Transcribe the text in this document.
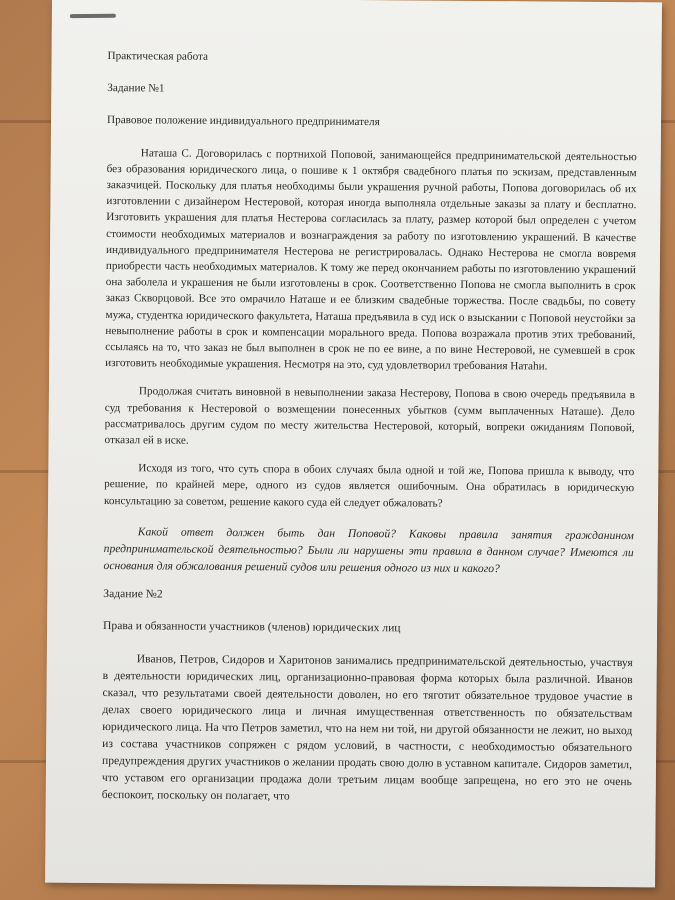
Практическая работа
Задание №1
Правовое положение индивидуального предпринимателя

Наташа С. Договорилась с портнихой Поповой, занимающейся предпринимательской деятельностью без образования юридического лица, о пошиве к 1 октября свадебного платья по эскизам, представленным заказчицей. Поскольку для платья необходимы были украшения ручной работы, Попова договорилась об их изготовлении с дизайнером Нестеровой, которая иногда выполняла отдельные заказы за плату и бесплатно. Изготовить украшения для платья Нестерова согласилась за плату, размер которой был определен с учетом стоимости необходимых материалов и вознаграждения за работу по изготовлению украшений. В качестве индивидуального предпринимателя Нестерова не регистрировалась. Однако Нестерова не смогла вовремя приобрести часть необходимых материалов. К тому же перед окончанием работы по изготовлению украшений она заболела и украшения не были изготовлены в срок. Соответственно Попова не смогла выполнить в срок заказ Скворцовой. Все это омрачило Наташе и ее близким свадебные торжества. После свадьбы, по совету мужа, студентка юридического факультета, Наташа предъявила в суд иск о взыскании с Поповой неустойки за невыполнение работы в срок и компенсации морального вреда. Попова возражала против этих требований, ссылаясь на то, что заказ не был выполнен в срок не по ее вине, а по вине Нестеровой, не сумевшей в срок изготовить необходимые украшения. Несмотря на это, суд удовлетворил требования Натаhи.

Продолжая считать виновной в невыполнении заказа Нестерову, Попова в свою очередь предъявила в суд требования к Нестеровой о возмещении понесенных убытков (сумм выплаченных Наташе). Дело рассматривалось другим судом по месту жительства Нестеровой, который, вопреки ожиданиям Поповой, отказал ей в иске.

Исходя из того, что суть спора в обоих случаях была одной и той же, Попова пришла к выводу, что решение, по крайней мере, одного из судов является ошибочным. Она обратилась в юридическую консультацию за советом, решение какого суда ей следует обжаловать?

Какой ответ должен быть дан Поповой? Каковы правила занятия гражданином предпринимательской деятельностью? Были ли нарушены эти правила в данном случае? Имеются ли основания для обжалования решений судов или решения одного из них и какого?

Задание №2
Права и обязанности участников (членов) юридических лиц

Иванов, Петров, Сидоров и Харитонов занимались предпринимательской деятельностью, участвуя в деятельности юридических лиц, организационно-правовая форма которых была различной. Иванов сказал, что результатами своей деятельности доволен, но его тяготит обязательное трудовое участие в делах своего юридического лица и личная имущественная ответственность по обязательствам юридического лица. На что Петров заметил, что на нем ни той, ни другой обязанности не лежит, но выход из состава участников сопряжен с рядом условий, в частности, с необходимостью обязательного предупреждения других участников о желании продать свою долю в уставном капитале. Сидоров заметил, что уставом его организации продажа доли третьим лицам вообще запрещена, но его это не очень беспокоит, поскольку он полагает, что
